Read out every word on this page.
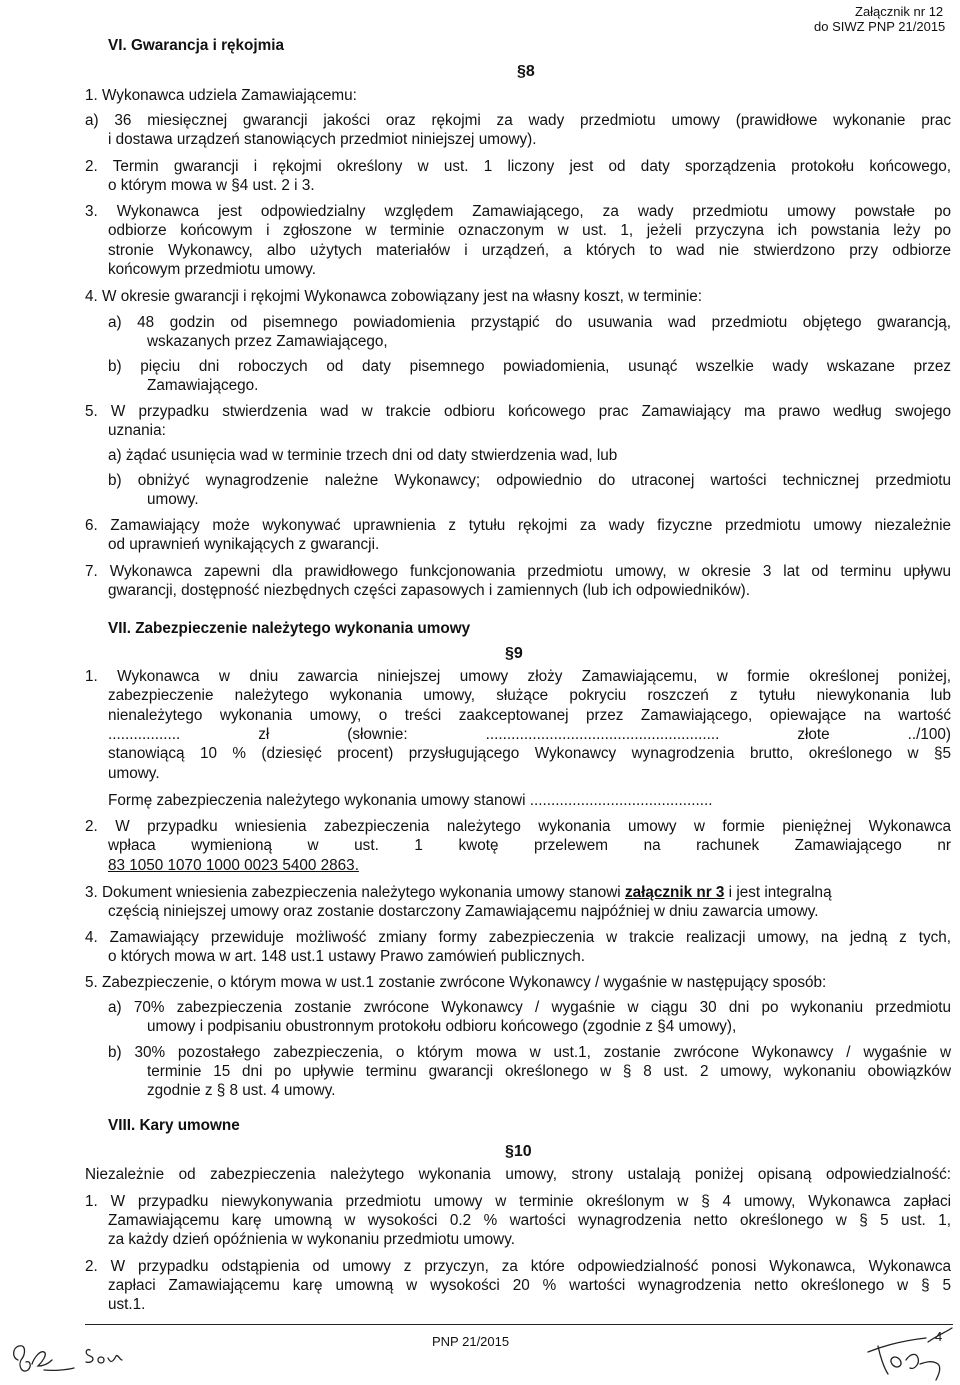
Załącznik nr 12
do SIWZ PNP 21/2015
VI. Gwarancja i rękojmia
§8
1. Wykonawca udziela Zamawiającemu:
a) 36 miesięcznej gwarancji jakości oraz rękojmi za wady przedmiotu umowy (prawidłowe wykonanie prac
i dostawa urządzeń stanowiących przedmiot niniejszej umowy).
2. Termin gwarancji i rękojmi określony w ust. 1 liczony jest od daty sporządzenia protokołu końcowego,
o którym mowa w §4 ust. 2 i 3.
3. Wykonawca jest odpowiedzialny względem Zamawiającego, za wady przedmiotu umowy powstałe po
odbiorze końcowym i zgłoszone w terminie oznaczonym w ust. 1, jeżeli przyczyna ich powstania leży po
stronie Wykonawcy, albo użytych materiałów i urządzeń, a których to wad nie stwierdzono przy odbiorze
końcowym przedmiotu umowy.
4. W okresie gwarancji i rękojmi Wykonawca zobowiązany jest na własny koszt, w terminie:
a) 48 godzin od pisemnego powiadomienia przystąpić do usuwania wad przedmiotu objętego gwarancją,
wskazanych przez Zamawiającego,
b) pięciu dni roboczych od daty pisemnego powiadomienia, usunąć wszelkie wady wskazane przez
Zamawiającego.
5. W przypadku stwierdzenia wad w trakcie odbioru końcowego prac Zamawiający ma prawo według swojego
uznania:
a) żądać usunięcia wad w terminie trzech dni od daty stwierdzenia wad, lub
b) obniżyć wynagrodzenie należne Wykonawcy; odpowiednio do utraconej wartości technicznej przedmiotu
umowy.
6. Zamawiający może wykonywać uprawnienia z tytułu rękojmi za wady fizyczne przedmiotu umowy niezależnie
od uprawnień wynikających z gwarancji.
7. Wykonawca zapewni dla prawidłowego funkcjonowania przedmiotu umowy, w okresie 3 lat od terminu upływu
gwarancji, dostępność niezbędnych części zapasowych i zamiennych (lub ich odpowiedników).
VII. Zabezpieczenie należytego wykonania umowy
§9
1. Wykonawca w dniu zawarcia niniejszej umowy złoży Zamawiającemu, w formie określonej poniżej,
zabezpieczenie należytego wykonania umowy, służące pokryciu roszczeń z tytułu niewykonania lub
nienależytego wykonania umowy, o treści zaakceptowanej przez Zamawiającego, opiewające na wartość
................. zł (słownie: ....................................................... złote ../100)
stanowiącą 10 % (dziesięć procent) przysługującego Wykonawcy wynagrodzenia brutto, określonego w §5
umowy.
Formę zabezpieczenia należytego wykonania umowy stanowi ...........................................
2. W przypadku wniesienia zabezpieczenia należytego wykonania umowy w formie pieniężnej Wykonawca
wpłaca wymienioną w ust. 1 kwotę przelewem na rachunek Zamawiającego nr
83 1050 1070 1000 0023 5400 2863.
3. Dokument wniesienia zabezpieczenia należytego wykonania umowy stanowi załącznik nr 3 i jest integralną
częścią niniejszej umowy oraz zostanie dostarczony Zamawiającemu najpóźniej w dniu zawarcia umowy.
4. Zamawiający przewiduje możliwość zmiany formy zabezpieczenia w trakcie realizacji umowy, na jedną z tych,
o których mowa w art. 148 ust.1 ustawy Prawo zamówień publicznych.
5. Zabezpieczenie, o którym mowa w ust.1 zostanie zwrócone Wykonawcy / wygaśnie w następujący sposób:
a) 70% zabezpieczenia zostanie zwrócone Wykonawcy / wygaśnie w ciągu 30 dni po wykonaniu przedmiotu
umowy i podpisaniu obustronnym protokołu odbioru końcowego (zgodnie z §4 umowy),
b) 30% pozostałego zabezpieczenia, o którym mowa w ust.1, zostanie zwrócone Wykonawcy / wygaśnie w
terminie 15 dni po upływie terminu gwarancji określonego w § 8 ust. 2 umowy, wykonaniu obowiązków
zgodnie z § 8 ust. 4 umowy.
VIII. Kary umowne
§10
Niezależnie od zabezpieczenia należytego wykonania umowy, strony ustalają poniżej opisaną odpowiedzialność:
1. W przypadku niewykonywania przedmiotu umowy w terminie określonym w § 4 umowy, Wykonawca zapłaci
Zamawiającemu karę umowną w wysokości 0.2 % wartości wynagrodzenia netto określonego w § 5 ust. 1,
za każdy dzień opóźnienia w wykonaniu przedmiotu umowy.
2. W przypadku odstąpienia od umowy z przyczyn, za które odpowiedzialność ponosi Wykonawca, Wykonawca
zapłaci Zamawiającemu karę umowną w wysokości 20 % wartości wynagrodzenia netto określonego w § 5
ust.1.
PNP 21/2015	4
